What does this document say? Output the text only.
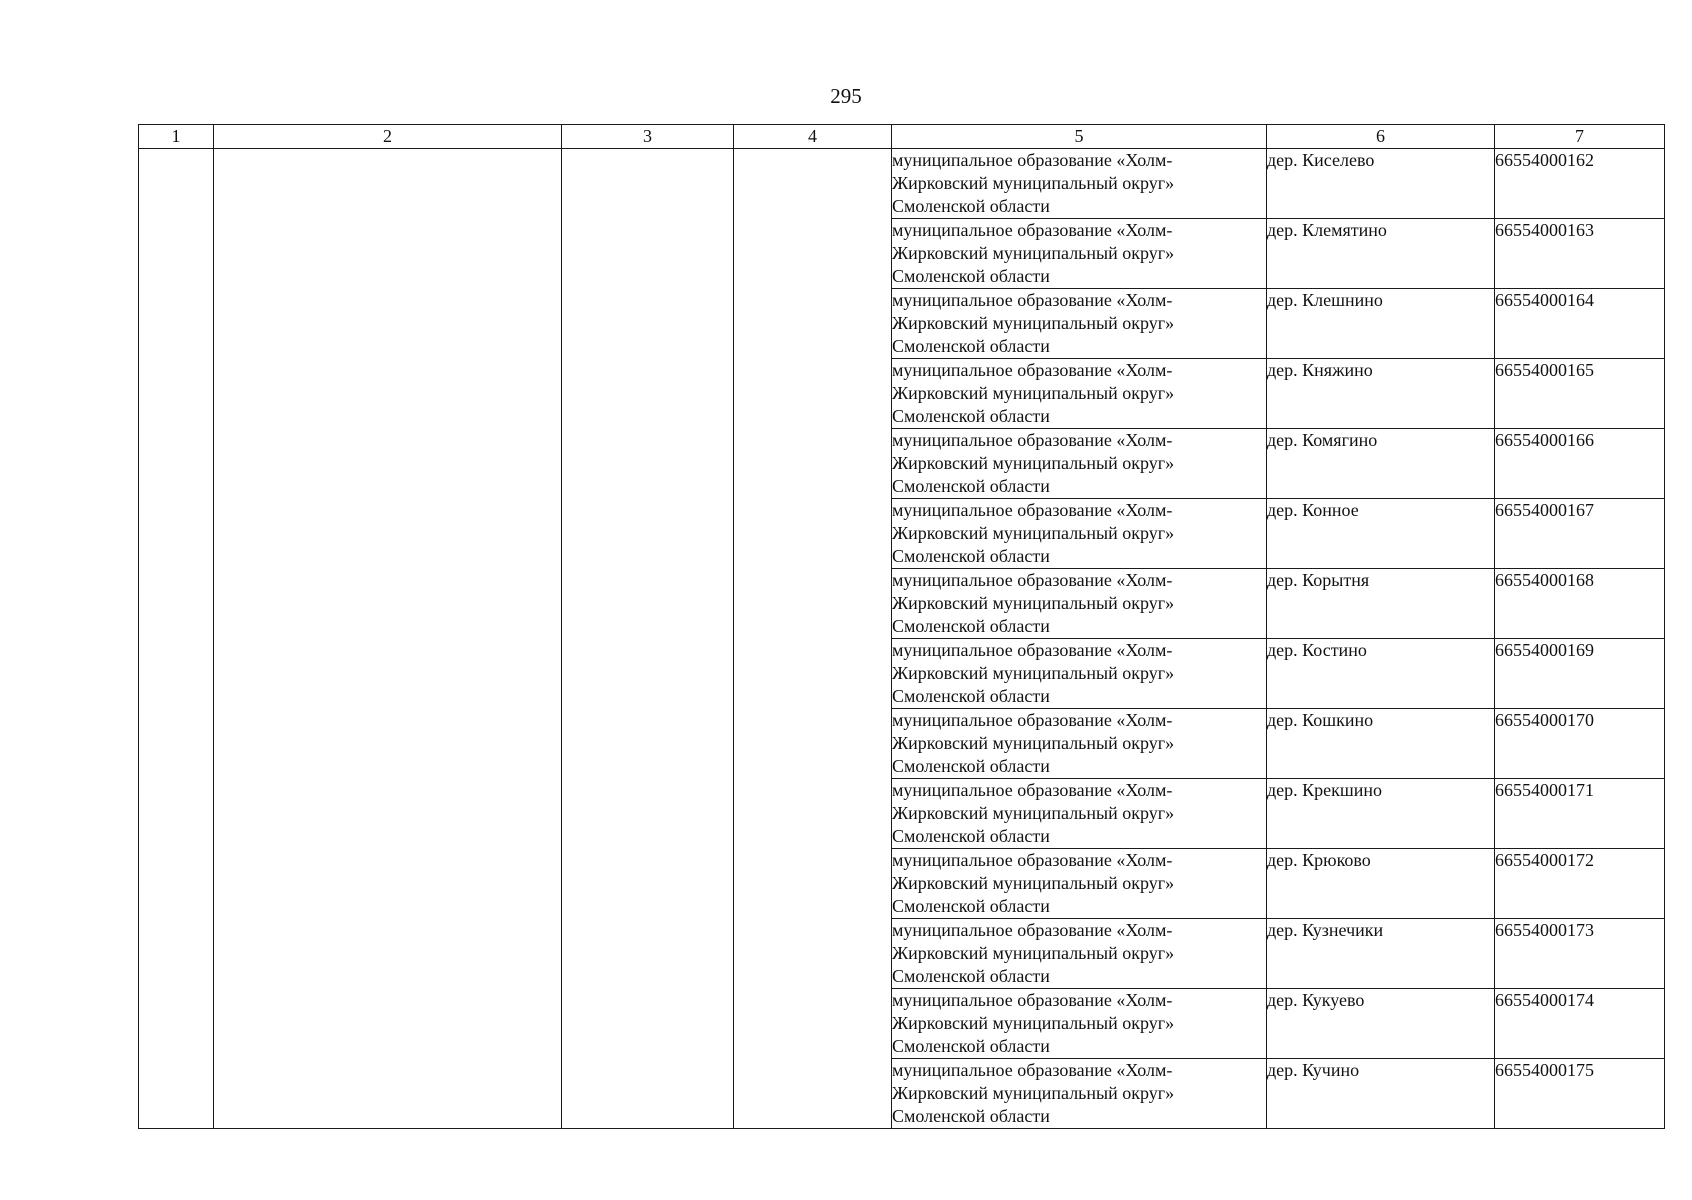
295
1	2	3	4	5	6	7

				муниципальное образование «Холм-
Жирковский муниципальный округ»
Смоленской области	дер. Киселево	66554000162

				муниципальное образование «Холм-
Жирковский муниципальный округ»
Смоленской области	дер. Клемятино	66554000163

				муниципальное образование «Холм-
Жирковский муниципальный округ»
Смоленской области	дер. Клешнино	66554000164

				муниципальное образование «Холм-
Жирковский муниципальный округ»
Смоленской области	дер. Княжино	66554000165

				муниципальное образование «Холм-
Жирковский муниципальный округ»
Смоленской области	дер. Комягино	66554000166

				муниципальное образование «Холм-
Жирковский муниципальный округ»
Смоленской области	дер. Конное	66554000167

				муниципальное образование «Холм-
Жирковский муниципальный округ»
Смоленской области	дер. Корытня	66554000168

				муниципальное образование «Холм-
Жирковский муниципальный округ»
Смоленской области	дер. Костино	66554000169

				муниципальное образование «Холм-
Жирковский муниципальный округ»
Смоленской области	дер. Кошкино	66554000170

				муниципальное образование «Холм-
Жирковский муниципальный округ»
Смоленской области	дер. Крекшино	66554000171

				муниципальное образование «Холм-
Жирковский муниципальный округ»
Смоленской области	дер. Крюково	66554000172

				муниципальное образование «Холм-
Жирковский муниципальный округ»
Смоленской области	дер. Кузнечики	66554000173

				муниципальное образование «Холм-
Жирковский муниципальный округ»
Смоленской области	дер. Кукуево	66554000174

				муниципальное образование «Холм-
Жирковский муниципальный округ»
Смоленской области	дер. Кучино	66554000175
